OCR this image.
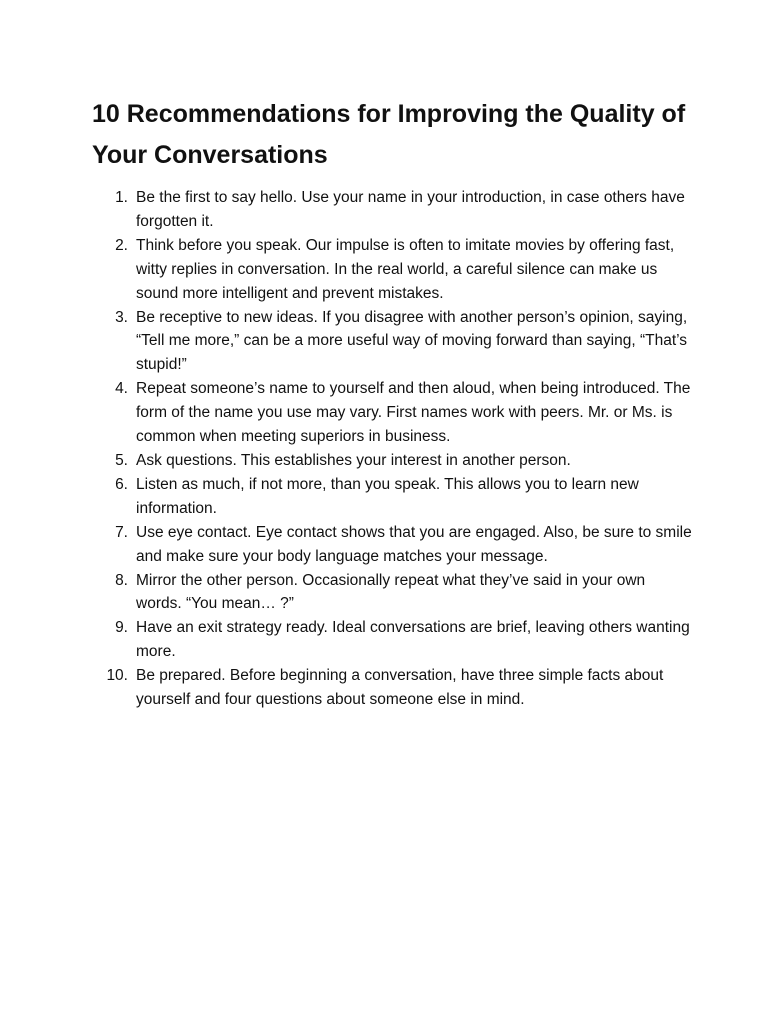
10 Recommendations for Improving the Quality of Your Conversations
1. Be the first to say hello. Use your name in your introduction, in case others have forgotten it.
2. Think before you speak. Our impulse is often to imitate movies by offering fast, witty replies in conversation. In the real world, a careful silence can make us sound more intelligent and prevent mistakes.
3. Be receptive to new ideas. If you disagree with another person’s opinion, saying, “Tell me more,” can be a more useful way of moving forward than saying, “That’s stupid!”
4. Repeat someone’s name to yourself and then aloud, when being introduced. The form of the name you use may vary. First names work with peers. Mr. or Ms. is common when meeting superiors in business.
5. Ask questions. This establishes your interest in another person.
6. Listen as much, if not more, than you speak. This allows you to learn new information.
7. Use eye contact. Eye contact shows that you are engaged. Also, be sure to smile and make sure your body language matches your message.
8. Mirror the other person. Occasionally repeat what they’ve said in your own words. “You mean… ?”
9. Have an exit strategy ready. Ideal conversations are brief, leaving others wanting more.
10. Be prepared. Before beginning a conversation, have three simple facts about yourself and four questions about someone else in mind.
